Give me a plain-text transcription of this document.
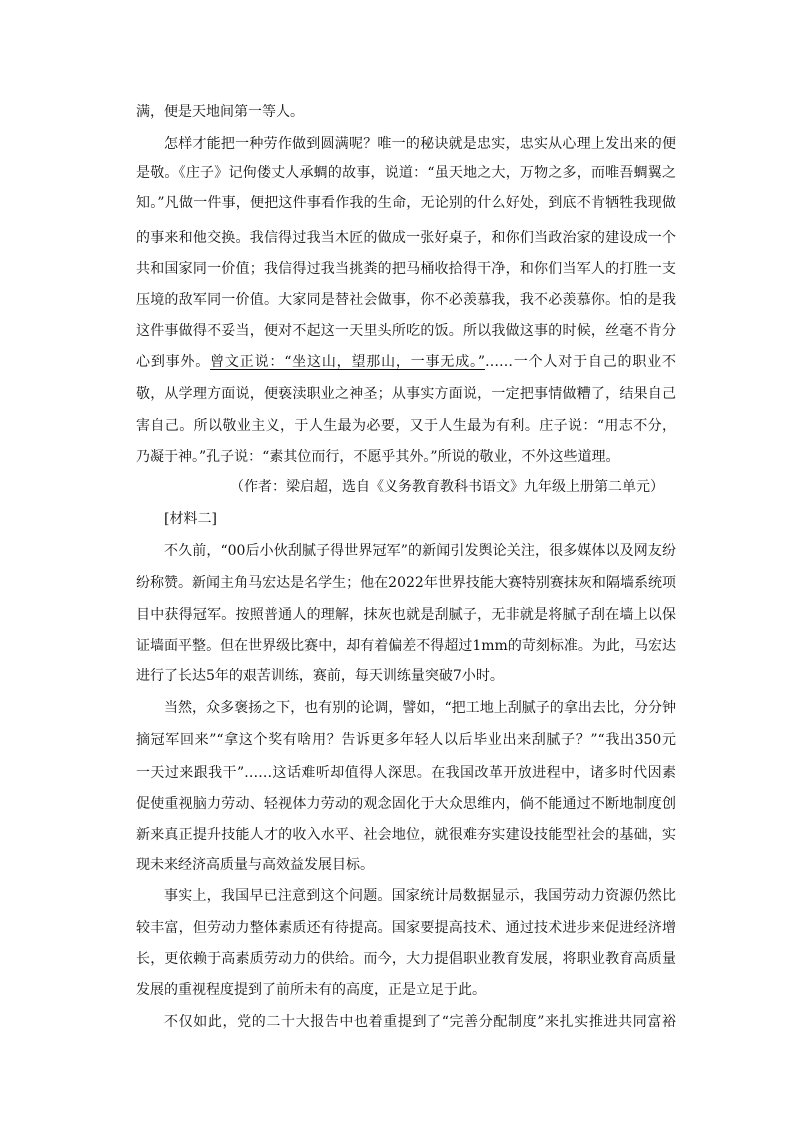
满，便是天地间第一等人。
怎样才能把一种劳作做到圆满呢？唯一的秘诀就是忠实，忠实从心理上发出来的便
是敬。《庄子》记佝偻丈人承蜩的故事，说道：“虽天地之大，万物之多，而唯吾蜩翼之
知。”凡做一件事，便把这件事看作我的生命，无论别的什么好处，到底不肯牺牲我现做
的事来和他交换。我信得过我当木匠的做成一张好桌子，和你们当政治家的建设成一个
共和国家同一价值；我信得过我当挑粪的把马桶收拾得干净，和你们当军人的打胜一支
压境的敌军同一价值。大家同是替社会做事，你不必羡慕我，我不必羡慕你。怕的是我
这件事做得不妥当，便对不起这一天里头所吃的饭。所以我做这事的时候，丝毫不肯分
心到事外。曾文正说：“坐这山，望那山，一事无成。”……一个人对于自己的职业不
敬，从学理方面说，便亵渎职业之神圣；从事实方面说，一定把事情做糟了，结果自己
害自己。所以敬业主义，于人生最为必要，又于人生最为有利。庄子说：“用志不分，
乃凝于神。”孔子说：“素其位而行，不愿乎其外。”所说的敬业，不外这些道理。
（作者：梁启超，选自《义务教育教科书语文》九年级上册第二单元）
[材料二]
不久前，“00后小伙刮腻子得世界冠军”的新闻引发舆论关注，很多媒体以及网友纷
纷称赞。新闻主角马宏达是名学生；他在2022年世界技能大赛特别赛抹灰和隔墙系统项
目中获得冠军。按照普通人的理解，抹灰也就是刮腻子，无非就是将腻子刮在墙上以保
证墙面平整。但在世界级比赛中，却有着偏差不得超过1mm的苛刻标准。为此，马宏达
进行了长达5年的艰苦训练，赛前，每天训练量突破7小时。
当然，众多褒扬之下，也有别的论调，譬如，“把工地上刮腻子的拿出去比，分分钟
摘冠军回来”“拿这个奖有啥用？告诉更多年轻人以后毕业出来刮腻子？”“我出350元
一天过来跟我干”……这话难听却值得人深思。在我国改革开放进程中，诸多时代因素
促使重视脑力劳动、轻视体力劳动的观念固化于大众思维内，倘不能通过不断地制度创
新来真正提升技能人才的收入水平、社会地位，就很难夯实建设技能型社会的基础，实
现未来经济高质量与高效益发展目标。
事实上，我国早已注意到这个问题。国家统计局数据显示，我国劳动力资源仍然比
较丰富，但劳动力整体素质还有待提高。国家要提高技术、通过技术进步来促进经济增
长，更依赖于高素质劳动力的供给。而今，大力提倡职业教育发展，将职业教育高质量
发展的重视程度提到了前所未有的高度，正是立足于此。
不仅如此，党的二十大报告中也着重提到了“完善分配制度”来扎实推进共同富裕
